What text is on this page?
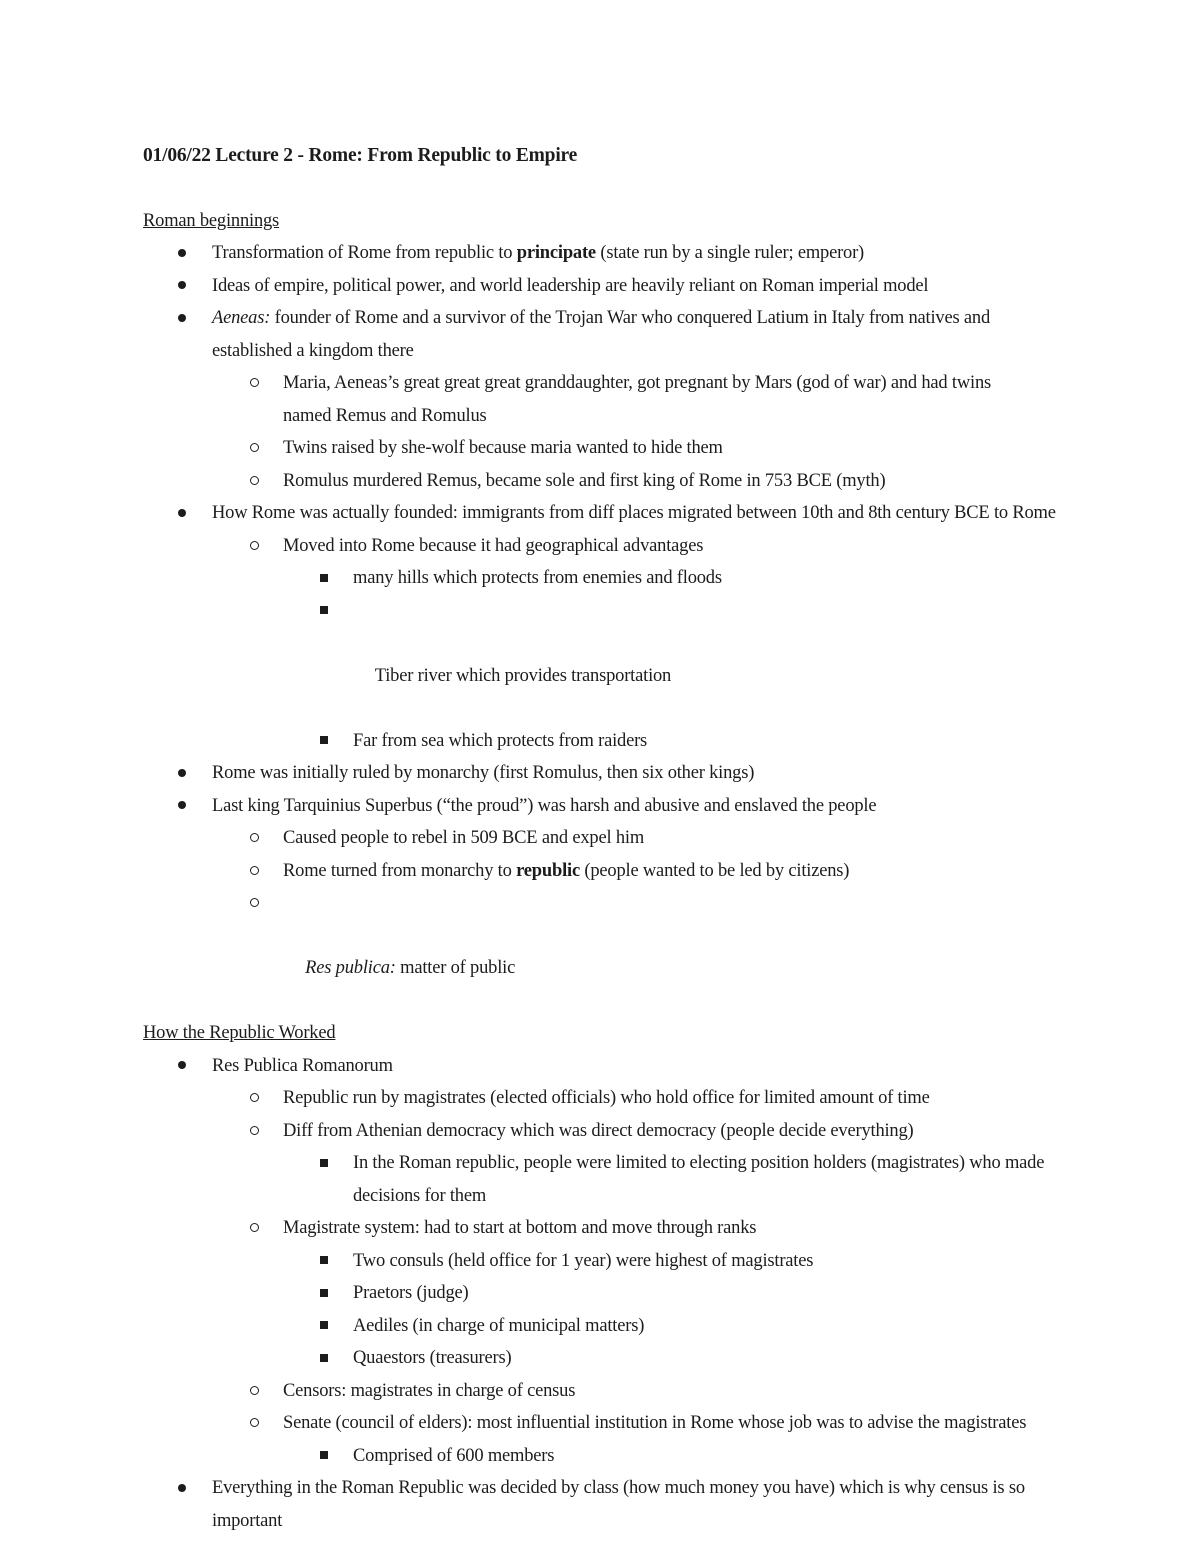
01/06/22 Lecture 2 - Rome: From Republic to Empire
Roman beginnings
Transformation of Rome from republic to principate (state run by a single ruler; emperor)
Ideas of empire, political power, and world leadership are heavily reliant on Roman imperial model
Aeneas: founder of Rome and a survivor of the Trojan War who conquered Latium in Italy from natives and established a kingdom there
Maria, Aeneas’s great great great granddaughter, got pregnant by Mars (god of war) and had twins named Remus and Romulus
Twins raised by she-wolf because maria wanted to hide them
Romulus murdered Remus, became sole and first king of Rome in 753 BCE (myth)
How Rome was actually founded: immigrants from diff places migrated between 10th and 8th century BCE to Rome
Moved into Rome because it had geographical advantages
many hills which protects from enemies and floods

Tiber river which provides transportation

Far from sea which protects from raiders
Rome was initially ruled by monarchy (first Romulus, then six other kings)
Last king Tarquinius Superbus (“the proud”) was harsh and abusive and enslaved the people
Caused people to rebel in 509 BCE and expel him
Rome turned from monarchy to republic (people wanted to be led by citizens)

Res publica: matter of public

How the Republic Worked
Res Publica Romanorum
Republic run by magistrates (elected officials) who hold office for limited amount of time
Diff from Athenian democracy which was direct democracy (people decide everything)
In the Roman republic, people were limited to electing position holders (magistrates) who made decisions for them
Magistrate system: had to start at bottom and move through ranks
Two consuls (held office for 1 year) were highest of magistrates
Praetors (judge)
Aediles (in charge of municipal matters)
Quaestors (treasurers)
Censors: magistrates in charge of census
Senate (council of elders): most influential institution in Rome whose job was to advise the magistrates
Comprised of 600 members
Everything in the Roman Republic was decided by class (how much money you have) which is why census is so important
